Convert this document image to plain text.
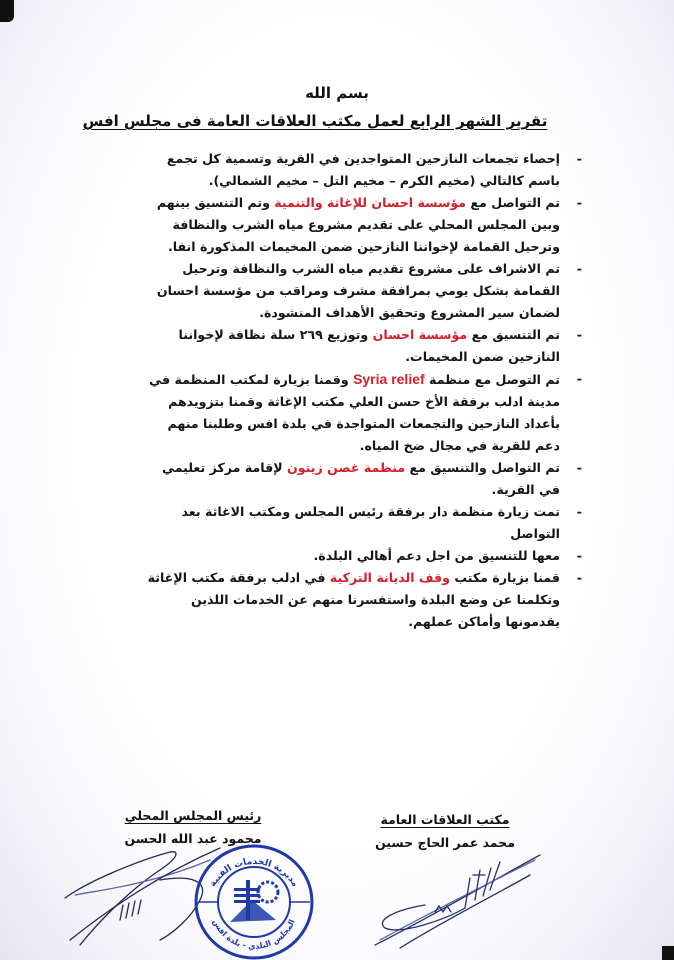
بسم الله

تقرير الشهر الرابع لعمل مكتب العلاقات العامة فى مجلس افس
-
إحصاء تجمعات النازحين المتواجدين في القرية وتسمية كل تجمع باسم كالتالي (مخيم الكرم – مخيم التل – مخيم الشمالي).
-
تم التواصل مع مؤسسة احسان للإغاثة والتنمية وتم التنسيق بينهم وبين المجلس المحلي على تقديم مشروع مياه الشرب والنظافة وترحيل القمامة لإخواننا النازحين ضمن المخيمات المذكورة انفا.
-
تم الاشراف على مشروع تقديم مياه الشرب والنظافة وترحيل القمامة بشكل يومي بمرافقة مشرف ومراقب من مؤسسة احسان لضمان سير المشروع وتحقيق الأهداف المنشودة.
-
تم التنسيق مع مؤسسة احسان وتوزيع ٢٦٩ سلة نظافة لإخواننا النازحين ضمن المخيمات.
-
تم التوصل مع منظمة Syria relief وقمنا بزيارة لمكتب المنظمة في مدينة ادلب برفقة الأخ حسن العلي مكتب الإغاثة وقمنا بتزويدهم بأعداد النازحين والتجمعات المتواجدة في بلدة افس وطلبنا منهم دعم للقرية في مجال ضخ المياه.
-
تم التواصل والتنسيق مع منظمة غصن زيتون لإقامة مركز تعليمي في القرية.
-
تمت زيارة منظمة دار برفقة رئيس المجلس ومكتب الاغاثة بعد التواصل
-
معها للتنسيق من اجل دعم أهالي البلدة.
-
قمنا بزيارة مكتب وقف الديانة التركية في ادلب برفقة مكتب الإغاثة وتكلمنا عن وضع البلدة واستفسرنا منهم عن الخدمات اللذين يقدمونها وأماكن عملهم.
رئيس المجلس المحلي
محمود عبد الله الحسن
مكتب العلاقات العامة
محمد عمر الحاج حسين
مديرية الخدمات الفنية
المجلس البلدي - بلدة افس
